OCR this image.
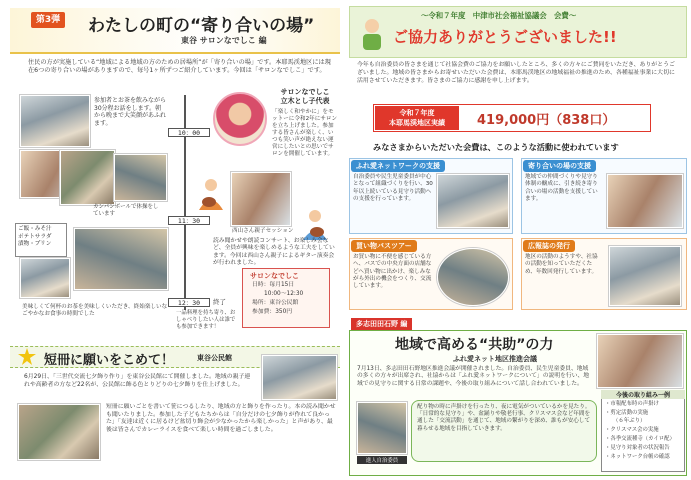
第3弾 わたしの町の“寄り合いの場”
東谷 サロンなでしこ 編
住民の方が実施している“地域による地域の方のための居場所”が「寄り合いの場」です。本耶馬渓地区には現在6つの寄り合いの場がありますので、毎号1ヶ所ずつご紹介しています。今回は「サロンなでしこ」です。
参加者とお茶を飲みながら30分程お話をします。朝から晩まで大笑顔があふれます。
10：00
11：30
12：30	終了
カンバンボールで体操をしています
サロンなでしこ
立木とし子代表
「楽しく和やかに」をモットーに令和2年にサロンを立ち上げました。参加する皆さんが楽しく、いつも笑い声が絶えない運営にしたいとの思いでサロンを開催しています。
西山さん親子セッション
読み聞かせや朗読コンサート、お楽しみ会など、全員が興味を楽しめるような工夫をしています。今回は西山さん親子によるギター演奏会が行われました。
ご飯・みそ汁
ポテトサラダ
漬物・プリン
美味しくて何杯のお茶を美味しくいただき、終始楽しいなごやかなお食事の時間でした
サロンなでしこ
日時：毎月15日
10:00〜12:30
場所：東谷公民館
参加費：350円
一品料理を持ち寄り、おしゃべりしたい人は誰でも参加できます！
短冊に願いをこめて！	東谷公民館
6月29日、「三世代交流七夕飾り作り」を東谷公民館にて開催しました。地域の親子連れや高齢者の方など22名が、公民館に飾る色とりどりの七夕飾りを仕上げました。
短冊に願いごとを書いて笹につるしたり、地域の方と飾りを作ったり。本の読み聞かせも聞いたりました。参加した子どもたちからは「自分だけの七夕飾りが作れて良かった」「友達は近くに居るけど盆切り飾会が少なかったから楽しかった」と声があり、最後は皆さんでカレーライスを食べて楽しい時間を過ごしました。
〜令和７年度　中津市社会福祉協議会　会費〜
ご協力ありがとうございました!!
今年も自治委員の皆さまを通じて社協会費のご協力をお願いしたところ、多くの方々にご賛同をいただき、ありがとうございました。地域の皆さまからお寄せいただいた会費は、本耶馬渓地区の地域福祉の推進のため、各種福祉事業に大切に活用させていただきます。皆さまのご協力に感謝を申し上げます。
令和７年度
本耶馬渓地区実績	419,000円（838口）
みなさまからいただいた会費は、このような活動に使われています
ふれ愛ネットワークの支援
自治委員や民生児童委員が中心となって組織づくりを行い、30年以上続いている見守り活動への支援を行っています。
寄り合いの場の支援
地域での仲間づくりや見守り体制の醸成に、引き続き寄り合いの場の活動を支援しています。
買い物バスツアー
お買い物に不便を感じている方へ、バスでの中央方面の店舗などへ買い物に出かけ、楽しみながら外出の機会をつくり、交流しています。
広報誌の発行
地区の活動のようすや、社協の活動を知っていただくため、年数回発行しています。
多志田田石野 編
地域で高める“共助”の力
ふれ愛ネット地区推進会議
7月13日、多志田田石野地区推進会議が開催されました。自治委員、民生児童委員、地域の多くの方々が出席され、社協からは「ふれ愛ネットワークについて」の説明を行い、地域での見守りに関する日常の課題や、今後の取り組みについて話し合われていました。
進人自治委員
配り物の時に声掛けを行ったり、夜に電気がついているかを見たり。「日常的な見守り」や、盆踊りや敬老行事、クリスマス会など年間を通した「交流活動」を通じて、地域の繋がりを深め、誰もが安心して暮らせる地域を目指していきます。
今後の取り組み一例
・市報配布時の声掛け
・剪定活動の実施
（６年ぶり）
・クリスマス会の実施
・各季交流種寺（カイロ配）
・見守り対象者の状況報告
・ネットワーク台帳の確認
